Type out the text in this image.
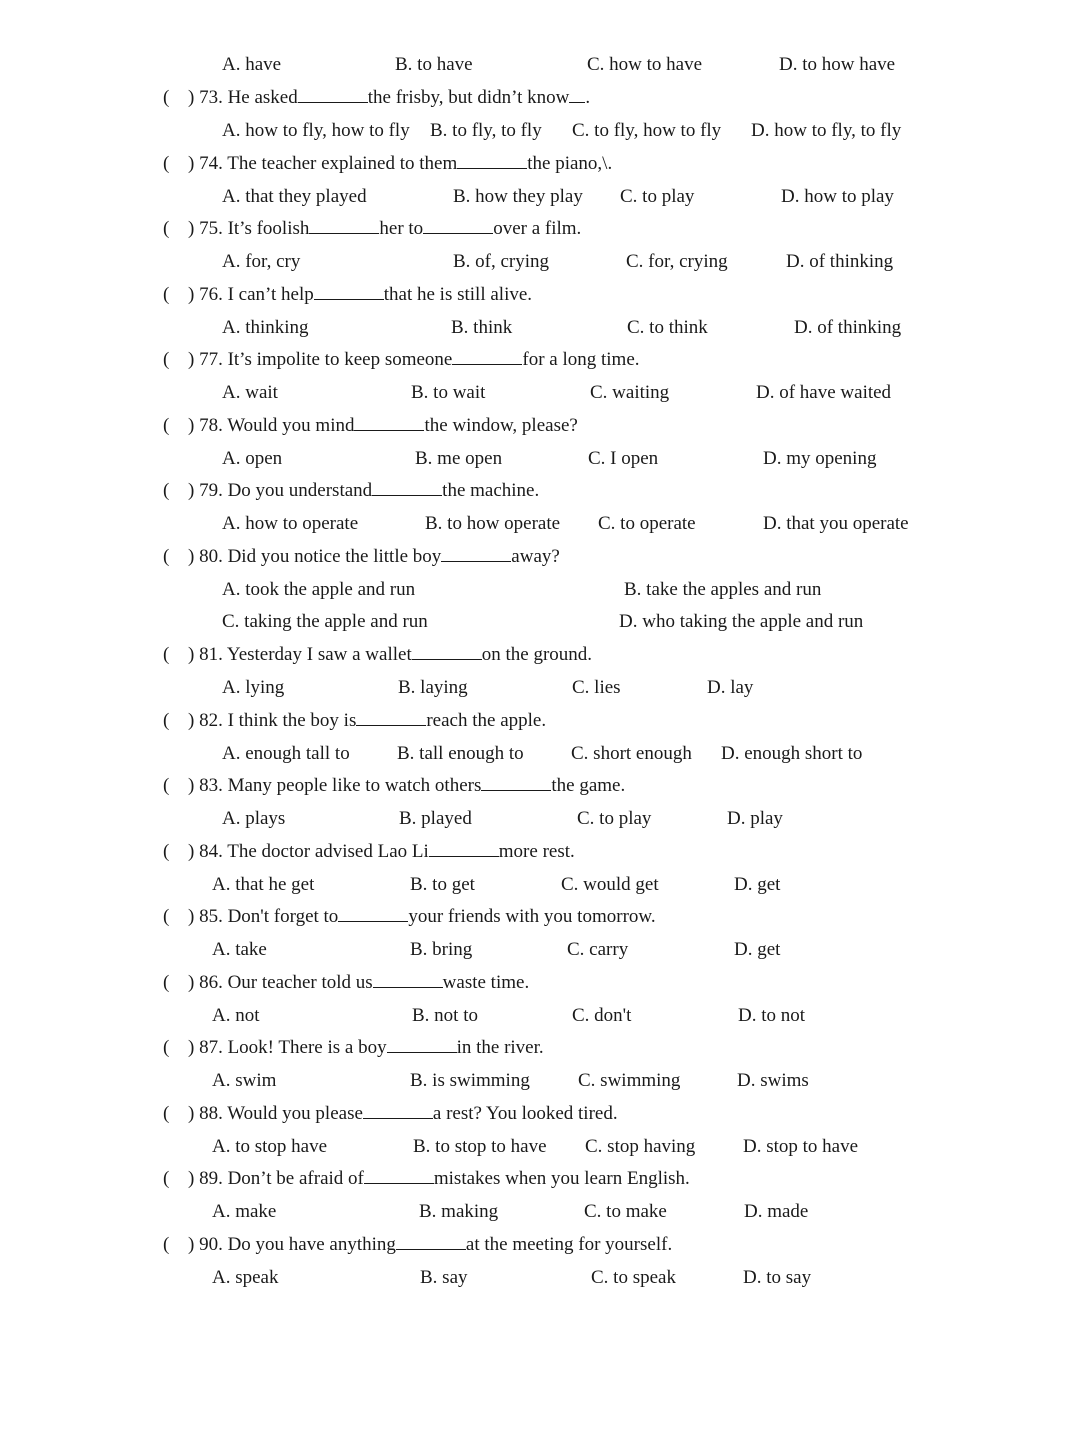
A. have	B. to have	C. how to have	D. to how have
( ) 73. He asked	the frisby, but didn’t know .
A. how to fly, how to fly B. to fly, to fly C. to fly, how to fly D. how to fly, to fly
( ) 74. The teacher explained to them	the piano,\.
A. that they played	B. how they play C. to play	D. how to play
( ) 75. It’s foolish	her to	over a film.
A. for, cry	B. of, crying	C. for, crying	D. of thinking
( ) 76. I can’t help	that he is still alive.
A. thinking	B. think	C. to think	D. of thinking
( ) 77. It’s impolite to keep someone	for a long time.
A. wait	B. to wait	C. waiting	D. of have waited
( ) 78. Would you mind	the window, please?
A. open	B. me open	C. I open	D. my opening
( ) 79. Do you understand	the machine.
A. how to operate	B. to how operate C. to operate	D. that you operate
( ) 80. Did you notice the little boy	away?
A. took the apple and run	B. take the apples and run
C. taking the apple and run	D. who taking the apple and run
( ) 81. Yesterday I saw a wallet	on the ground.
A. lying	B. laying	C. lies	D. lay
( ) 82. I think the boy is	reach the apple.
A. enough tall to B. tall enough to C. short enough D. enough short to
( ) 83. Many people like to watch others	the game.
A. plays	B. played	C. to play	D. play
( ) 84. The doctor advised Lao Li	more rest.
A. that he get	B. to get	C. would get	D. get
( ) 85. Don't forget to	your friends with you tomorrow.
A. take	B. bring	C. carry	D. get
( ) 86. Our teacher told us	waste time.
A. not	B. not to	C. don't	D. to not
( ) 87. Look! There is a boy	in the river.
A. swim	B. is swimming	C. swimming	D. swims
( ) 88. Would you please	a rest? You looked tired.
A. to stop have	B. to stop to have C. stop having	D. stop to have
( ) 89. Don’t be afraid of	mistakes when you learn English.
A. make	B. making	C. to make	D. made
( ) 90. Do you have anything	at the meeting for yourself.
A. speak	B. say	C. to speak	D. to say
